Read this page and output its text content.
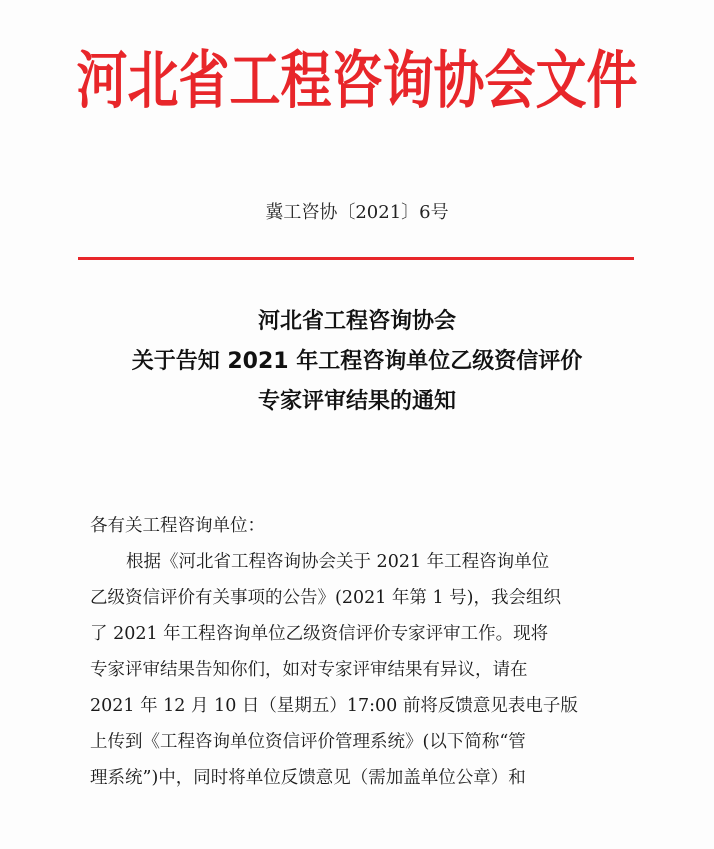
河北省工程咨询协会文件
冀工咨协〔2021〕6号
河北省工程咨询协会
关于告知 2021 年工程咨询单位乙级资信评价
专家评审结果的通知
各有关工程咨询单位：
根据《河北省工程咨询协会关于 2021 年工程咨询单位
乙级资信评价有关事项的公告》(2021 年第 1 号)，我会组织
了 2021 年工程咨询单位乙级资信评价专家评审工作。现将
专家评审结果告知你们，如对专家评审结果有异议，请在
2021 年 12 月 10 日（星期五）17:00 前将反馈意见表电子版
上传到《工程咨询单位资信评价管理系统》(以下简称“管
理系统”)中，同时将单位反馈意见（需加盖单位公章）和
